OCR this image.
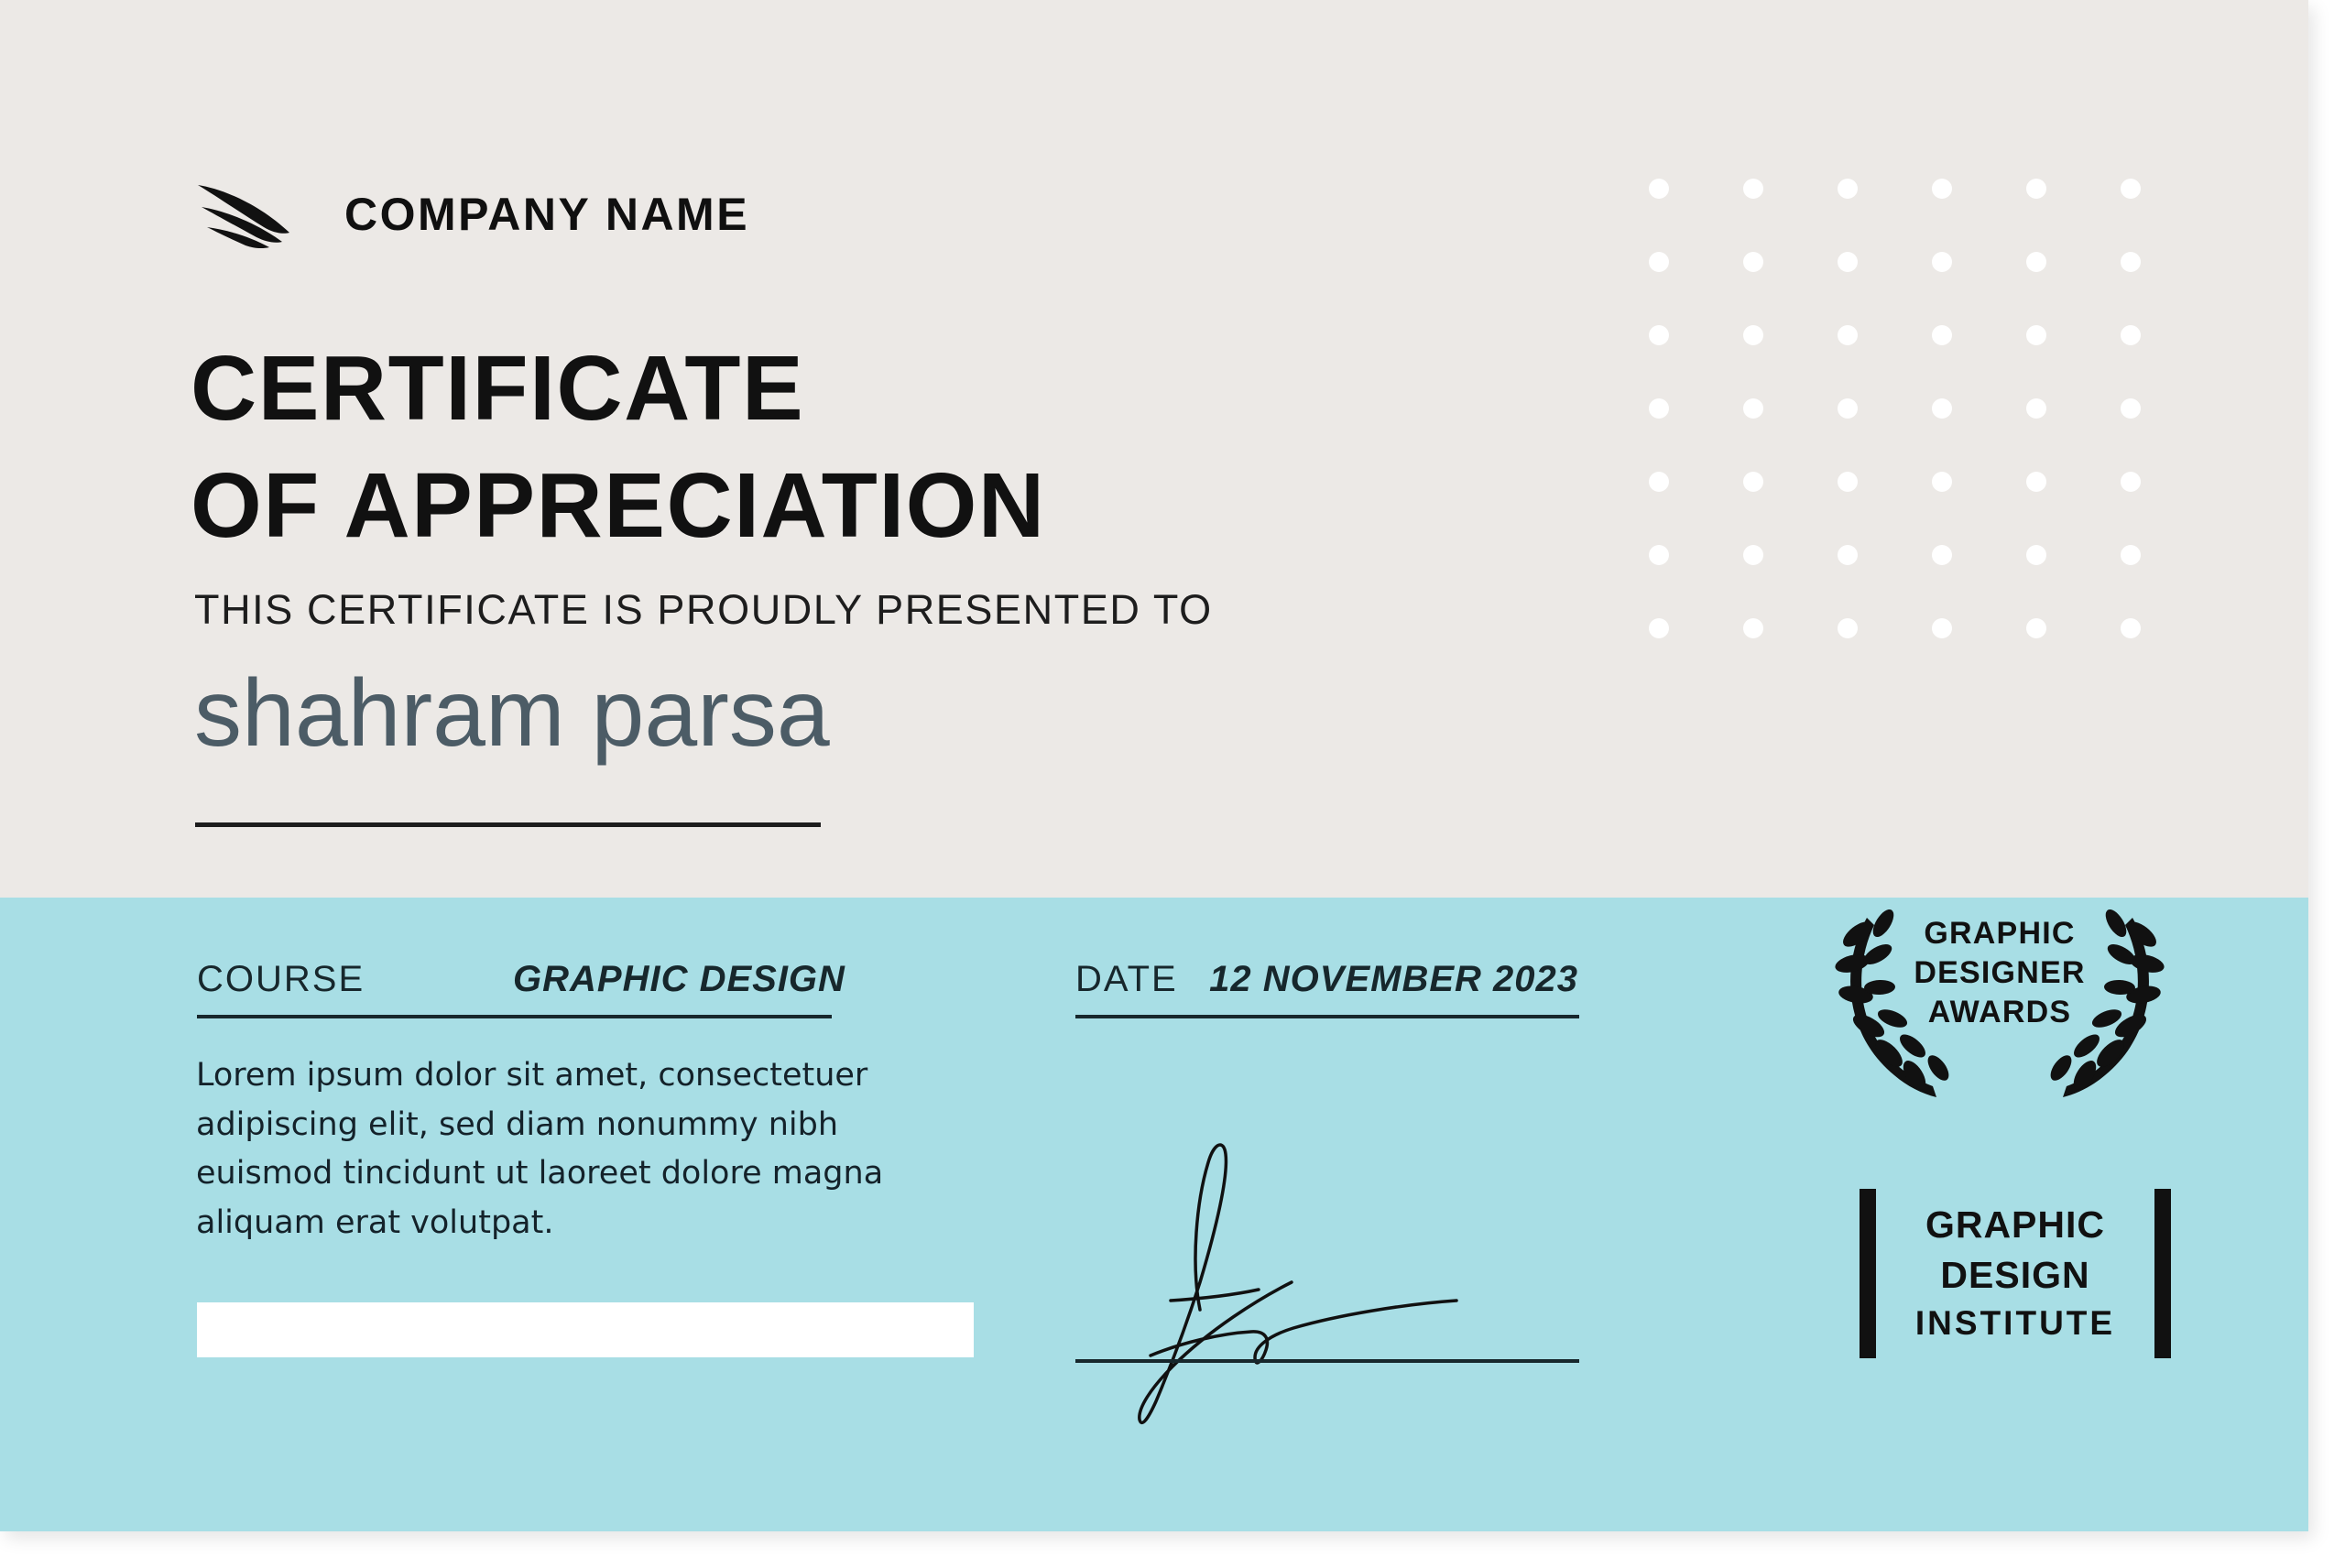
COMPANY NAME
CERTIFICATE
OF APPRECIATION

THIS CERTIFICATE IS PROUDLY PRESENTED TO

shahram parsa
COURSE	GRAPHIC DESIGN
Lorem ipsum dolor sit amet, consectetuer adipiscing elit, sed diam nonummy nibh euismod tincidunt ut laoreet dolore magna aliquam erat volutpat.
DATE 12 NOVEMBER 2023
GRAPHIC
DESIGNER
AWARDS
GRAPHIC
DESIGN
INSTITUTE
